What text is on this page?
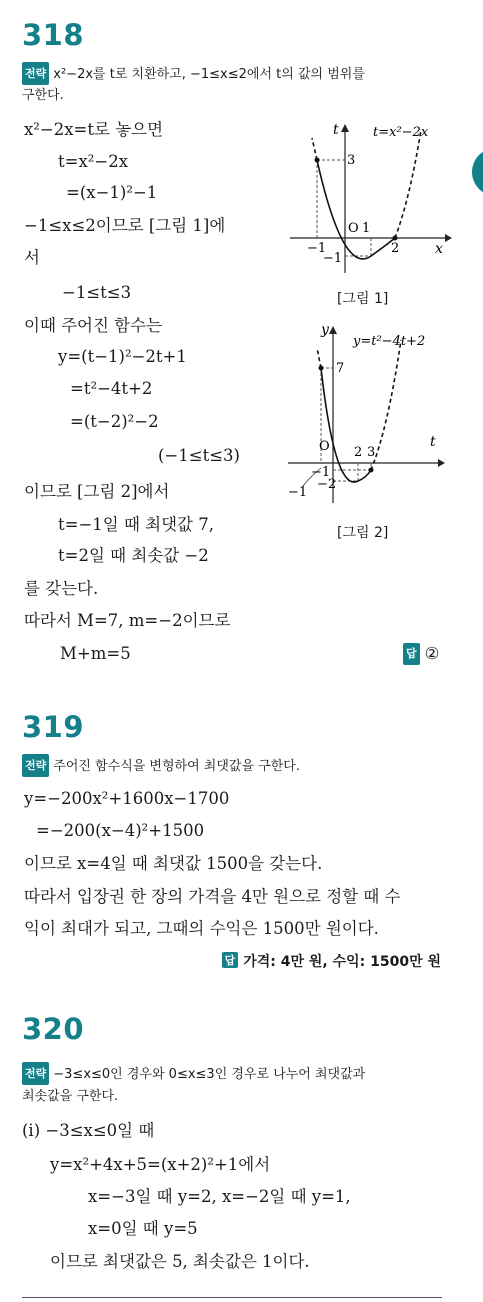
318
전략 x²−2x를 t로 치환하고, −1≤x≤2에서 t의 값의 범위를
구한다.
x²−2x=t로 놓으면
t=x²−2x
=(x−1)²−1
−1≤x≤2이므로 [그림 1]에
서
−1≤t≤3
이때 주어진 함수는
y=(t−1)²−2t+1
=t²−4t+2
=(t−2)²−2
(−1≤t≤3)
이므로 [그림 2]에서
t=−1일 때 최댓값 7,
t=2일 때 최솟값 −2
를 갖는다.
따라서 M=7, m=−2이므로
M+m=5	답 ②
3
t	t=x²−2x
O 1
2
−1
−1
x
[그림 1]
y
y=t²−4t+2
7
O 2 3
−1
−2
−1
t
[그림 2]
319
전략 주어진 함수식을 변형하여 최댓값을 구한다.
y=−200x²+1600x−1700
=−200(x−4)²+1500
이므로 x=4일 때 최댓값 1500을 갖는다.
따라서 입장권 한 장의 가격을 4만 원으로 정할 때 수
익이 최대가 되고, 그때의 수익은 1500만 원이다.
답 가격: 4만 원, 수익: 1500만 원
320
전략 −3≤x≤0인 경우와 0≤x≤3인 경우로 나누어 최댓값과
최솟값을 구한다.
(i) −3≤x≤0일 때
y=x²+4x+5=(x+2)²+1에서
x=−3일 때 y=2, x=−2일 때 y=1,
x=0일 때 y=5
이므로 최댓값은 5, 최솟값은 1이다.
